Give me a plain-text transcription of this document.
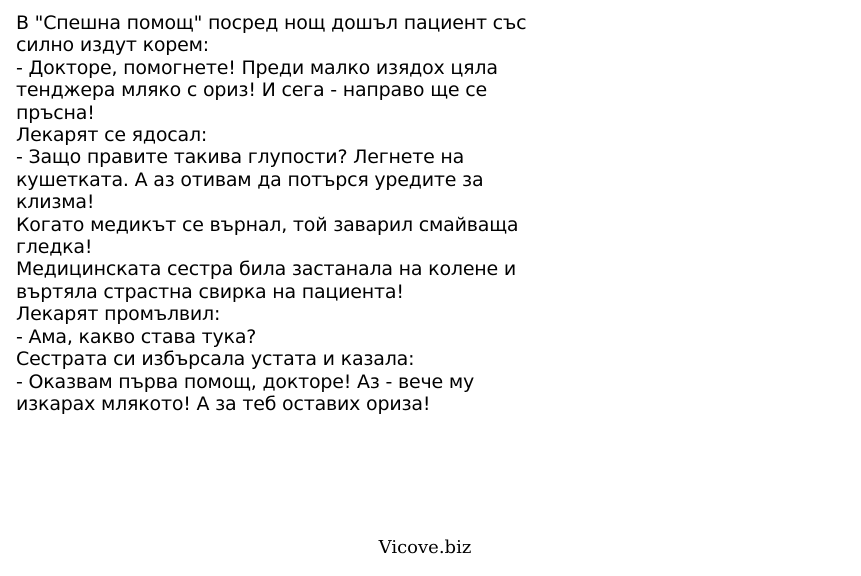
В "Спешна помощ" посред нощ дошъл пациент със
силно издут корем:
- Докторе, помогнете! Преди малко изядох цяла
тенджера мляко с ориз! И сега - направо ще се
пръсна!
Лекарят се ядосал:
- Защо правите такива глупости? Легнете на
кушетката. А аз отивам да потърся уредите за
клизма!
Когато медикът се върнал, той заварил смайваща
гледка!
Медицинската сестра била застанала на колене и
въртяла страстна свирка на пациента!
Лекарят промълвил:
- Ама, какво става тука?
Сестрата си избърсала устата и казала:
- Оказвам първа помощ, докторе! Аз - вече му
изкарах млякото! А за теб оставих ориза!
Vicove.biz
